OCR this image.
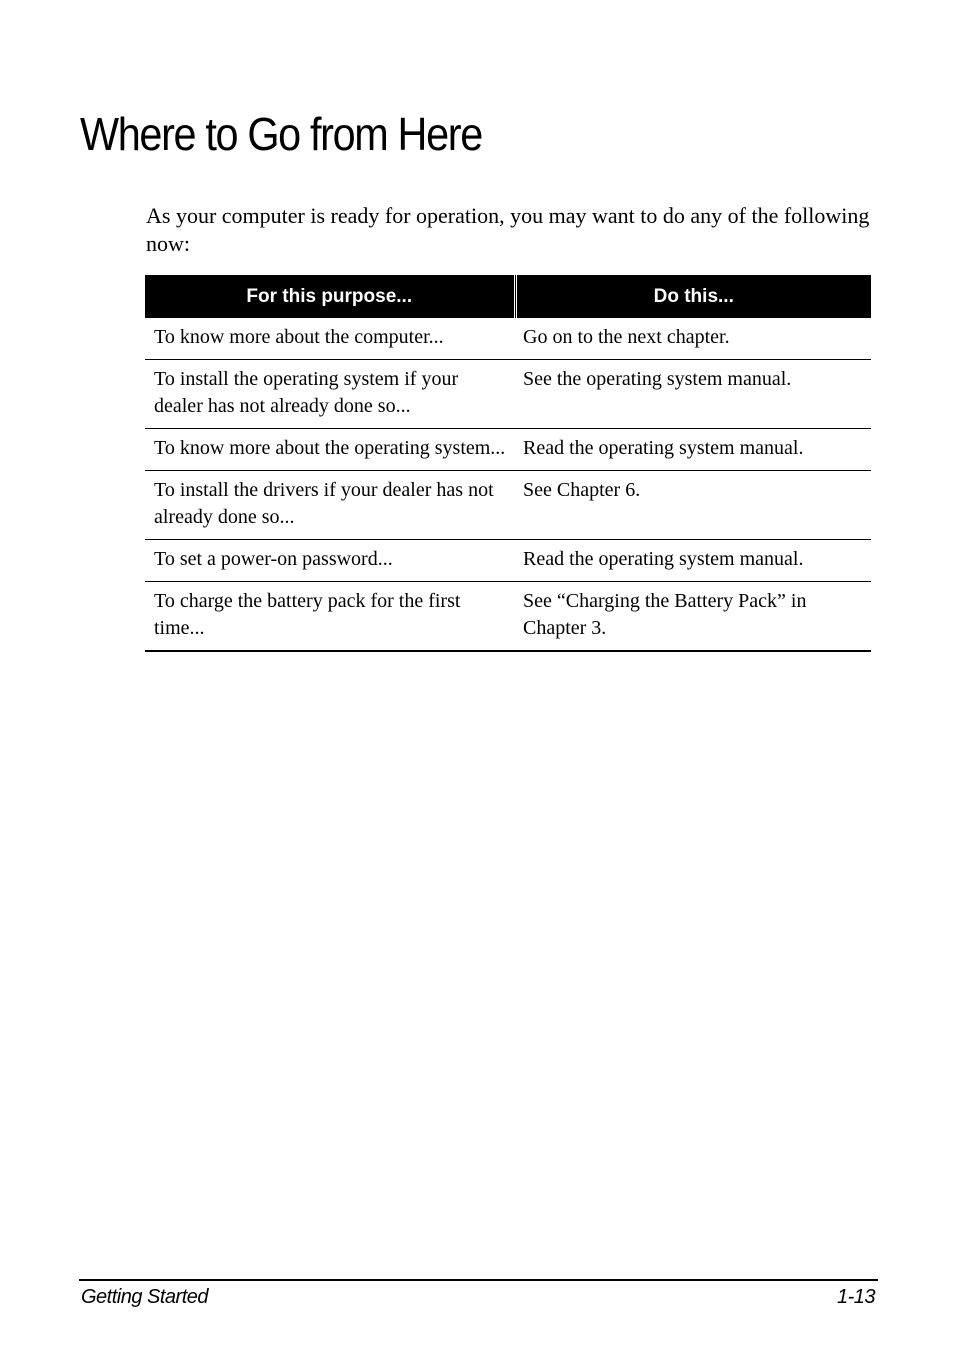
Where to Go from Here

As your computer is ready for operation, you may want to do any of the following now:

For this purpose...	Do this...
To know more about the computer...	Go on to the next chapter.
To install the operating system if your dealer has not already done so...	See the operating system manual.
To know more about the operating system...	Read the operating system manual.
To install the drivers if your dealer has not already done so...	See Chapter 6.
To set a power-on password...	Read the operating system manual.
To charge the battery pack for the first time...	See “Charging the Battery Pack” in Chapter 3.
Getting Started	1-13
